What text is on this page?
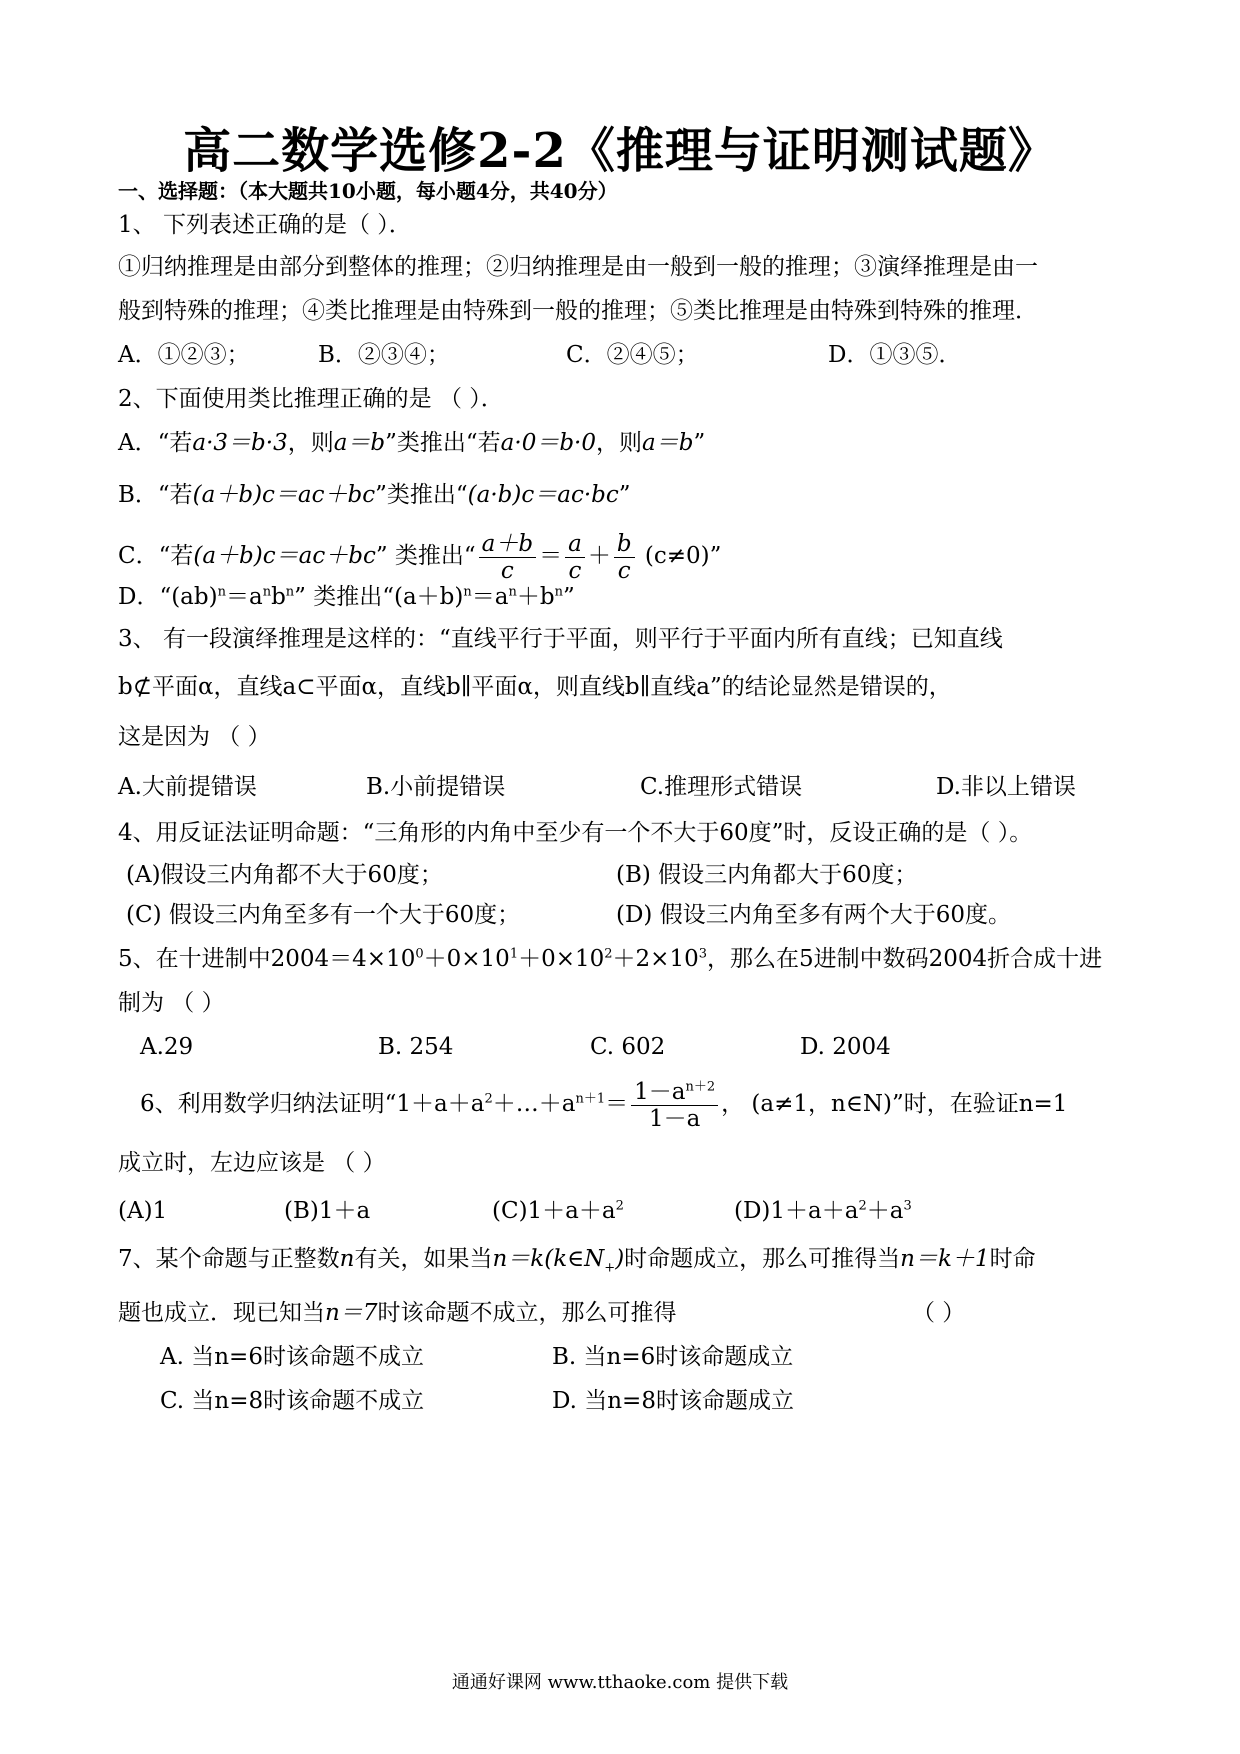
高二数学选修2-2《推理与证明测试题》
一、选择题：（本大题共10小题，每小题4分，共40分）
1、 下列表述正确的是（ ）．
①归纳推理是由部分到整体的推理；②归纳推理是由一般到一般的推理；③演绎推理是由一
般到特殊的推理；④类比推理是由特殊到一般的推理；⑤类比推理是由特殊到特殊的推理．
A．①②③；	B．②③④；	C．②④⑤；	D．①③⑤．
2、下面使用类比推理正确的是 （ ）．
A．“若a·3＝b·3，则a＝b”类推出“若a·0＝b·0，则a＝b”
B．“若(a＋b)c＝ac＋bc”类推出“(a·b)c＝ac·bc”
C．“若(a＋b)c＝ac＋bc” 类推出“ $\frac{a+b}{c} = \frac{a}{c} + \frac{b}{c} (c\ne 0)$”
D．“$(ab)^n=a^nb^n$” 类推出“$(a+b)^n=a^n+b^n$”
3、 有一段演绎推理是这样的：“直线平行于平面，则平行于平面内所有直线；已知直线
b⊄平面α，直线a⊂平面α，直线b∥平面α，则直线b∥直线a”的结论显然是错误的，
这是因为 （ ）
A.大前提错误	B.小前提错误	C.推理形式错误	D.非以上错误
4、用反证法证明命题：“三角形的内角中至少有一个不大于60度”时，反设正确的是（ ）。
(A)假设三内角都不大于60度；	(B) 假设三内角都大于60度；
(C) 假设三内角至多有一个大于60度；	(D) 假设三内角至多有两个大于60度。
5、在十进制中$2004=4\times 10^0+0\times 10^1+0\times 10^2+2\times 10^3$，那么在5进制中数码2004折合成十进
制为 （ ）
A.29	B. 254	C. 602	D. 2004
6、利用数学归纳法证明“$1+a+a^2+\dots+a^{n+1}= \frac{1-a^{n+2}}{1-a}$ ， (a≠1，n∈N)”时，在验证n=1
成立时，左边应该是 （ ）
(A)1	(B)1＋a	$(C)1+a+a^2$	$(D)1+a+a^2+a^3$
7、某个命题与正整数n有关，如果当$n=k(k\in N_+)$时命题成立，那么可推得当n＝k＋1时命
题也成立．现已知当n＝7时该命题不成立，那么可推得	（ ）
A. 当n=6时该命题不成立	B. 当n=6时该命题成立
C. 当n=8时该命题不成立	D. 当n=8时该命题成立
通通好课网 www.tthaoke.com 提供下载
